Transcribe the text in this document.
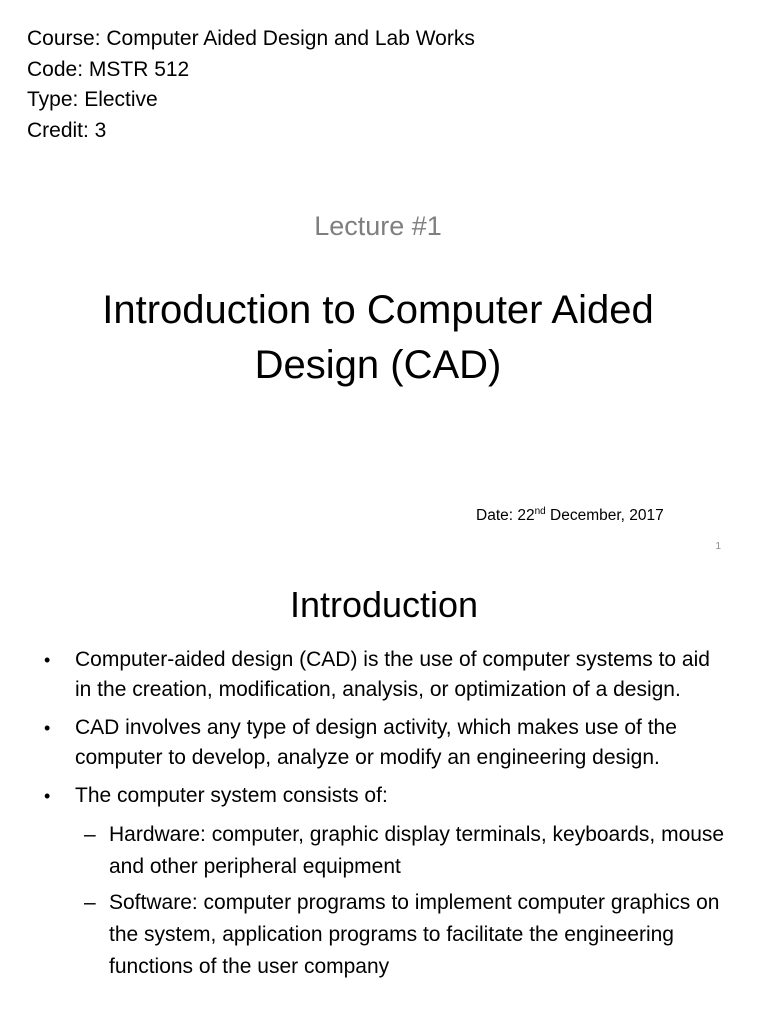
Course: Computer Aided Design and Lab Works
Code: MSTR 512
Type: Elective
Credit: 3
Lecture #1
Introduction to Computer Aided Design (CAD)
Date: 22nd December, 2017
1
Introduction
• Computer-aided design (CAD) is the use of computer systems to aid in the creation, modification, analysis, or optimization of a design.
• CAD involves any type of design activity, which makes use of the computer to develop, analyze or modify an engineering design.
• The computer system consists of:
– Hardware: computer, graphic display terminals, keyboards, mouse and other peripheral equipment
– Software: computer programs to implement computer graphics on the system, application programs to facilitate the engineering functions of the user company
